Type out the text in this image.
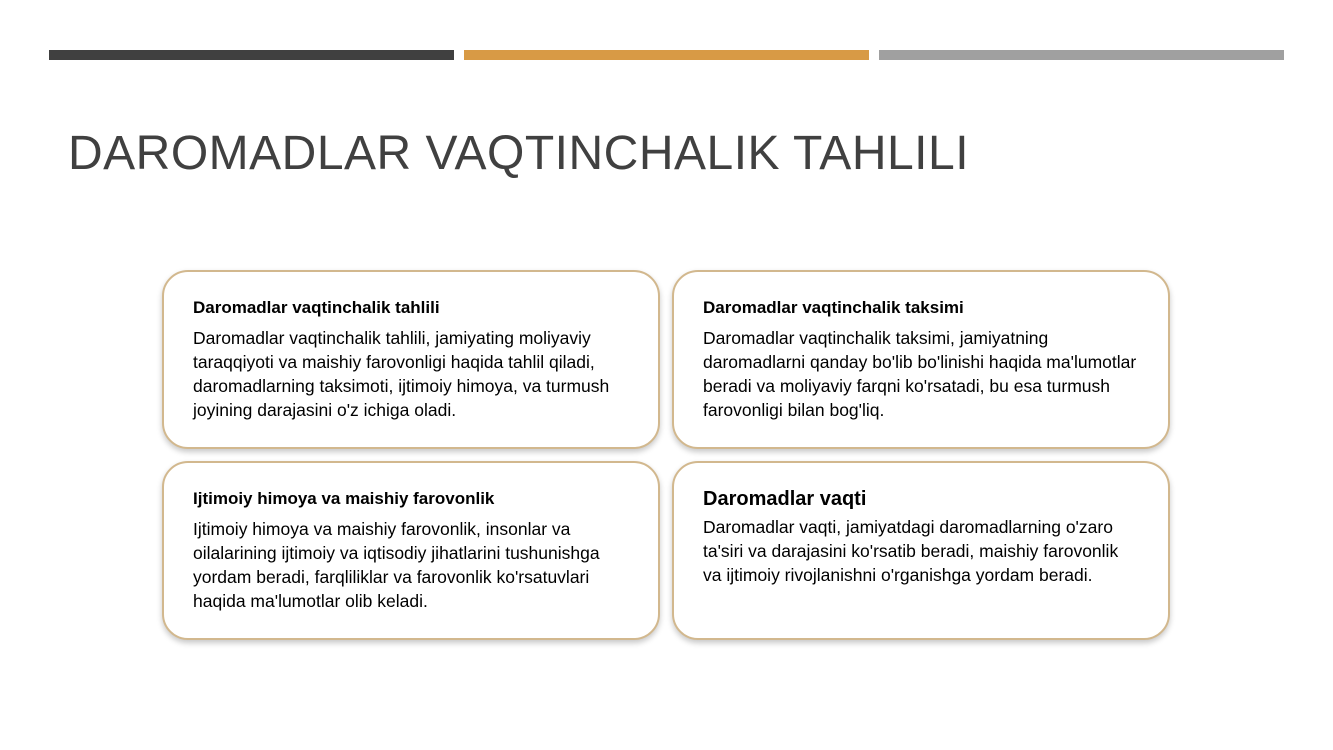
DAROMADLAR VAQTINCHALIK TAHLILI
Daromadlar vaqtinchalik tahlili

Daromadlar vaqtinchalik tahlili, jamiyating moliyaviy taraqqiyoti va maishiy farovonligi haqida tahlil qiladi, daromadlarning taksimoti, ijtimoiy himoya, va turmush joyining darajasini o'z ichiga oladi.

Daromadlar vaqtinchalik taksimi

Daromadlar vaqtinchalik taksimi, jamiyatning daromadlarni qanday bo'lib bo'linishi haqida ma'lumotlar beradi va moliyaviy farqni ko'rsatadi, bu esa turmush farovonligi bilan bog'liq.

Ijtimoiy himoya va maishiy farovonlik

Ijtimoiy himoya va maishiy farovonlik, insonlar va oilalarining ijtimoiy va iqtisodiy jihatlarini tushunishga yordam beradi, farqliliklar va farovonlik ko'rsatuvlari haqida ma'lumotlar olib keladi.

Daromadlar vaqti

Daromadlar vaqti, jamiyatdagi daromadlarning o'zaro ta'siri va darajasini ko'rsatib beradi, maishiy farovonlik va ijtimoiy rivojlanishni o'rganishga yordam beradi.
